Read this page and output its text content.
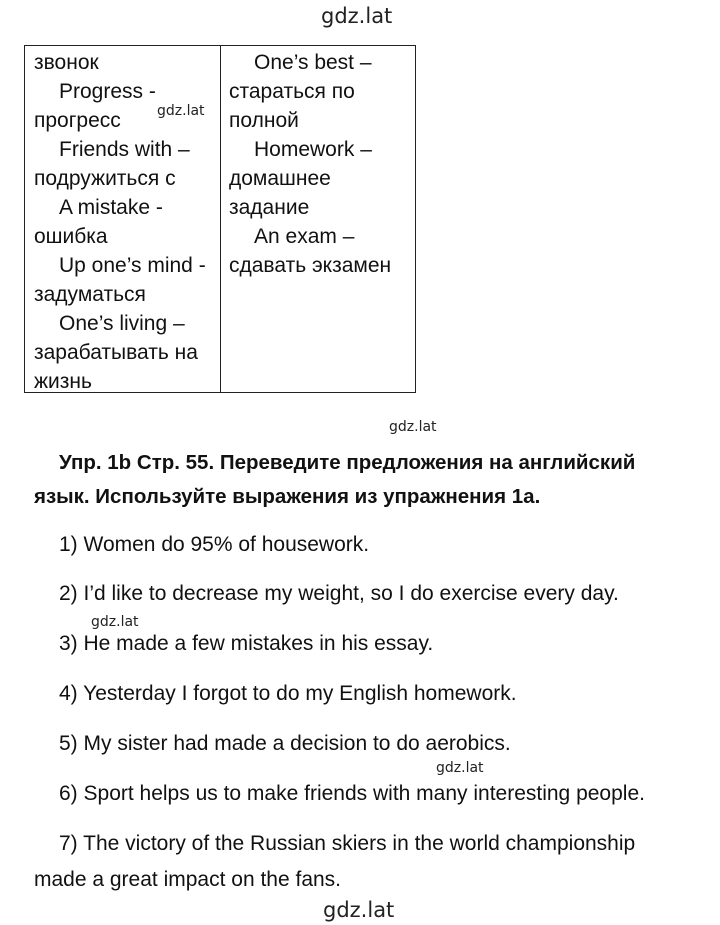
gdz.lat
gdz.lat
gdz.lat
gdz.lat
gdz.lat
gdz.lat
звонок
Progress -
прогресс
Friends with –
подружиться с
A mistake -
ошибка
Up one’s mind -
задуматься
One’s living –
зарабатывать на
жизнь
One’s best –
стараться по
полной
Homework –
домашнее
задание
An exam –
сдавать экзамен
Упр. 1b Стр. 55. Переведите предложения на английский
язык. Используйте выражения из упражнения 1a.
1) Women do 95% of housework.
2) I’d like to decrease my weight, so I do exercise every day.
3) He made a few mistakes in his essay.
4) Yesterday I forgot to do my English homework.
5) My sister had made a decision to do aerobics.
6) Sport helps us to make friends with many interesting people.
7) The victory of the Russian skiers in the world championship
made a great impact on the fans.
